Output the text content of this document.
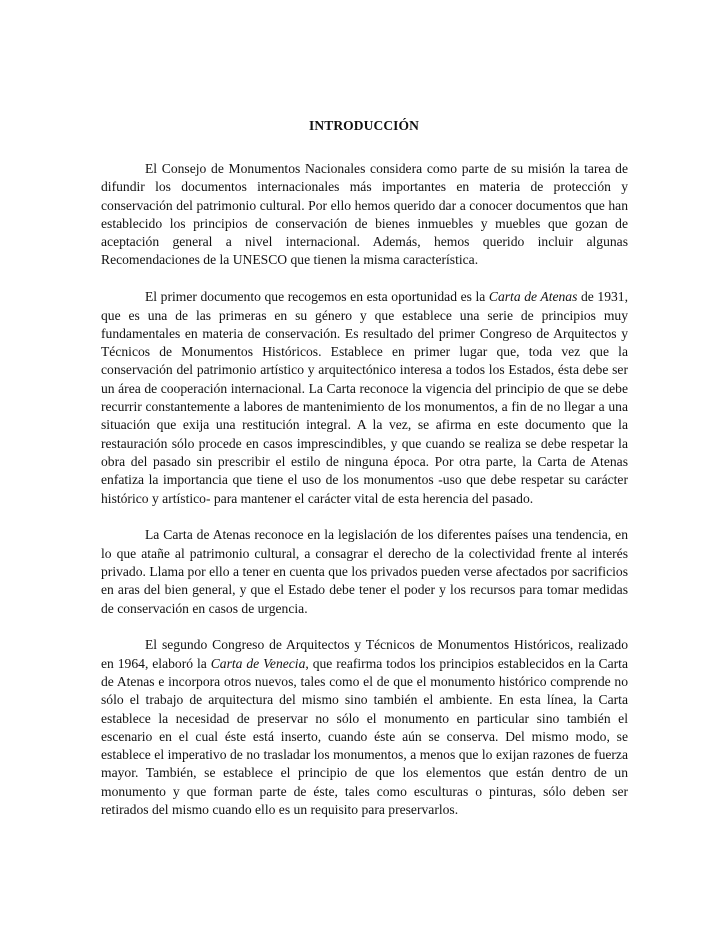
INTRODUCCIÓN

El Consejo de Monumentos Nacionales considera como parte de su misión la tarea de difundir los documentos internacionales más importantes en materia de protección y conservación del patrimonio cultural. Por ello hemos querido dar a conocer documentos que han establecido los principios de conservación de bienes inmuebles y muebles que gozan de aceptación general a nivel internacional. Además, hemos querido incluir algunas Recomendaciones de la UNESCO que tienen la misma característica.

El primer documento que recogemos en esta oportunidad es la Carta de Atenas de 1931, que es una de las primeras en su género y que establece una serie de principios muy fundamentales en materia de conservación. Es resultado del primer Congreso de Arquitectos y Técnicos de Monumentos Históricos. Establece en primer lugar que, toda vez que la conservación del patrimonio artístico y arquitectónico interesa a todos los Estados, ésta debe ser un área de cooperación internacional. La Carta reconoce la vigencia del principio de que se debe recurrir constantemente a labores de mantenimiento de los monumentos, a fin de no llegar a una situación que exija una restitución integral. A la vez, se afirma en este documento que la restauración sólo procede en casos imprescindibles, y que cuando se realiza se debe respetar la obra del pasado sin prescribir el estilo de ninguna época. Por otra parte, la Carta de Atenas enfatiza la importancia que tiene el uso de los monumentos -uso que debe respetar su carácter histórico y artístico- para mantener el carácter vital de esta herencia del pasado.

La Carta de Atenas reconoce en la legislación de los diferentes países una tendencia, en lo que atañe al patrimonio cultural, a consagrar el derecho de la colectividad frente al interés privado. Llama por ello a tener en cuenta que los privados pueden verse afectados por sacrificios en aras del bien general, y que el Estado debe tener el poder y los recursos para tomar medidas de conservación en casos de urgencia.

El segundo Congreso de Arquitectos y Técnicos de Monumentos Históricos, realizado en 1964, elaboró la Carta de Venecia, que reafirma todos los principios establecidos en la Carta de Atenas e incorpora otros nuevos, tales como el de que el monumento histórico comprende no sólo el trabajo de arquitectura del mismo sino también el ambiente. En esta línea, la Carta establece la necesidad de preservar no sólo el monumento en particular sino también el escenario en el cual éste está inserto, cuando éste aún se conserva. Del mismo modo, se establece el imperativo de no trasladar los monumentos, a menos que lo exijan razones de fuerza mayor. También, se establece el principio de que los elementos que están dentro de un monumento y que forman parte de éste, tales como esculturas o pinturas, sólo deben ser retirados del mismo cuando ello es un requisito para preservarlos.
